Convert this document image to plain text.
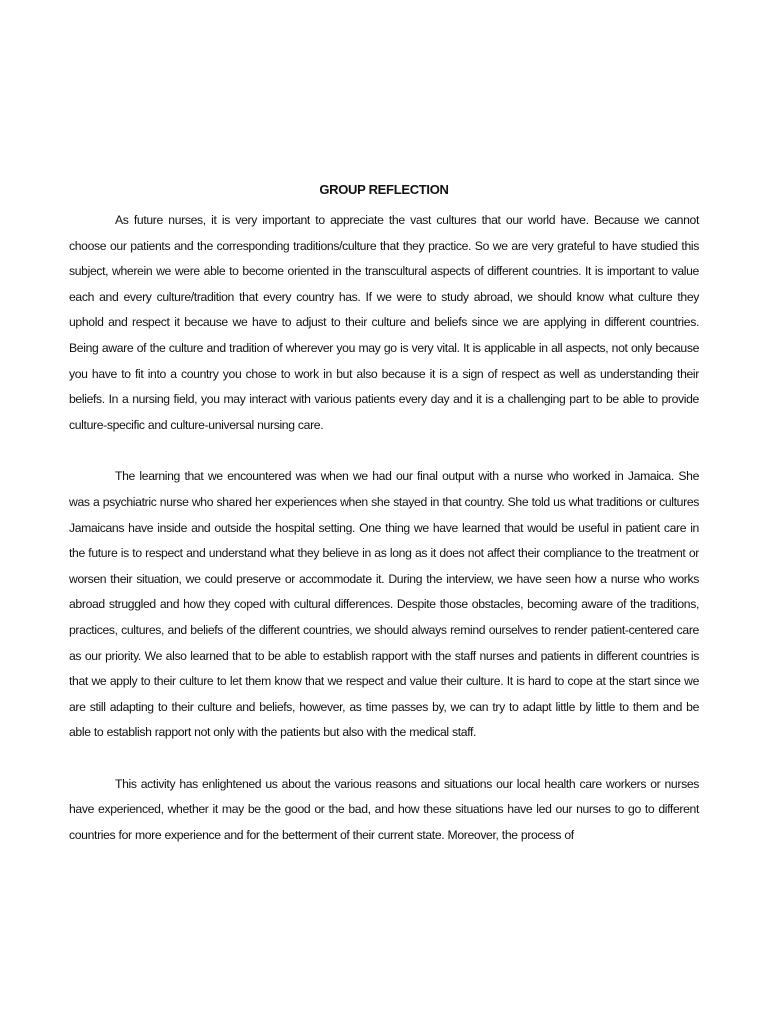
GROUP REFLECTION

As future nurses, it is very important to appreciate the vast cultures that our world have. Because we cannot choose our patients and the corresponding traditions/culture that they practice. So we are very grateful to have studied this subject, wherein we were able to become oriented in the transcultural aspects of different countries. It is important to value each and every culture/tradition that every country has. If we were to study abroad, we should know what culture they uphold and respect it because we have to adjust to their culture and beliefs since we are applying in different countries. Being aware of the culture and tradition of wherever you may go is very vital. It is applicable in all aspects, not only because you have to fit into a country you chose to work in but also because it is a sign of respect as well as understanding their beliefs. In a nursing field, you may interact with various patients every day and it is a challenging part to be able to provide culture-specific and culture-universal nursing care.

The learning that we encountered was when we had our final output with a nurse who worked in Jamaica. She was a psychiatric nurse who shared her experiences when she stayed in that country. She told us what traditions or cultures Jamaicans have inside and outside the hospital setting. One thing we have learned that would be useful in patient care in the future is to respect and understand what they believe in as long as it does not affect their compliance to the treatment or worsen their situation, we could preserve or accommodate it. During the interview, we have seen how a nurse who works abroad struggled and how they coped with cultural differences. Despite those obstacles, becoming aware of the traditions, practices, cultures, and beliefs of the different countries, we should always remind ourselves to render patient-centered care as our priority. We also learned that to be able to establish rapport with the staff nurses and patients in different countries is that we apply to their culture to let them know that we respect and value their culture. It is hard to cope at the start since we are still adapting to their culture and beliefs, however, as time passes by, we can try to adapt little by little to them and be able to establish rapport not only with the patients but also with the medical staff.

This activity has enlightened us about the various reasons and situations our local health care workers or nurses have experienced, whether it may be the good or the bad, and how these situations have led our nurses to go to different countries for more experience and for the betterment of their current state. Moreover, the process of
